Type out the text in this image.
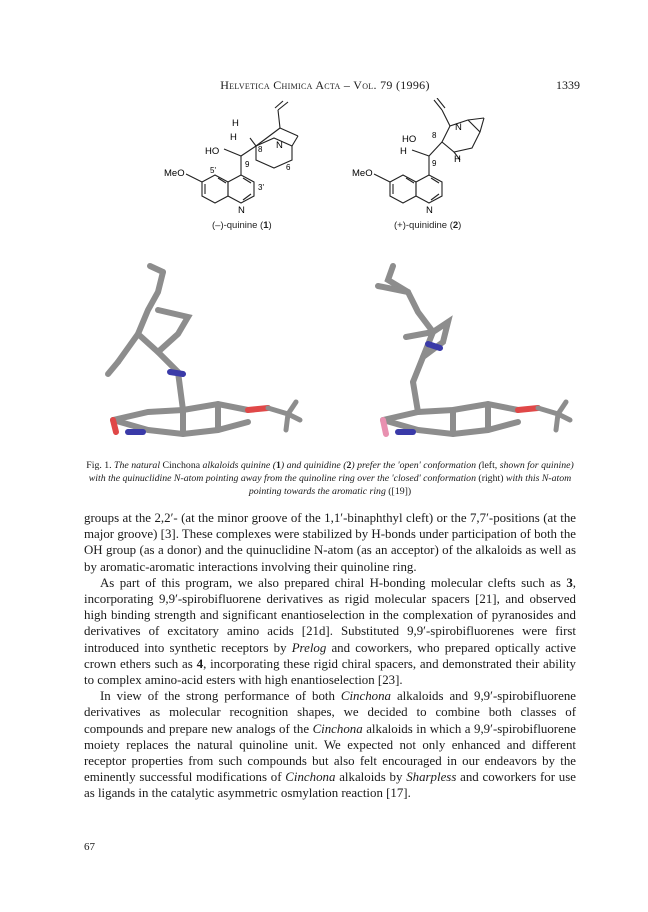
Helvetica Chimica Acta – Vol. 79 (1996)	1339
H
H
HO	8 N
9	6
5'
3'
MeO
N
HO
H
8
N
H
9
MeO
N
(–)-quinine (1)	(+)-quinidine (2)
Fig. 1. The natural Cinchona alkaloids quinine (1) and quinidine (2) prefer the 'open' conformation (left, shown for quinine) with the quinuclidine N-atom pointing away from the quinoline ring over the 'closed' conformation (right) with this N-atom pointing towards the aromatic ring ([19])

groups at the 2,2′- (at the minor groove of the 1,1′-binaphthyl cleft) or the 7,7′-positions (at the major groove) [3]. These complexes were stabilized by H-bonds under participation of both the OH group (as a donor) and the quinuclidine N-atom (as an acceptor) of the alkaloids as well as by aromatic-aromatic interactions involving their quinoline ring.

As part of this program, we also prepared chiral H-bonding molecular clefts such as 3, incorporating 9,9′-spirobifluorene derivatives as rigid molecular spacers [21], and observed high binding strength and significant enantioselection in the complexation of pyranosides and derivatives of excitatory amino acids [21d]. Substituted 9,9′-spirobifluorenes were first introduced into synthetic receptors by Prelog and coworkers, who prepared optically active crown ethers such as 4, incorporating these rigid chiral spacers, and demonstrated their ability to complex amino-acid esters with high enantioselection [23].

In view of the strong performance of both Cinchona alkaloids and 9,9′-spirobifluorene derivatives as molecular recognition shapes, we decided to combine both classes of compounds and prepare new analogs of the Cinchona alkaloids in which a 9,9′-spirobifluorene moiety replaces the natural quinoline unit. We expected not only enhanced and different receptor properties from such compounds but also felt encouraged in our endeavors by the eminently successful modifications of Cinchona alkaloids by Sharpless and coworkers for use as ligands in the catalytic asymmetric osmylation reaction [17].

67
